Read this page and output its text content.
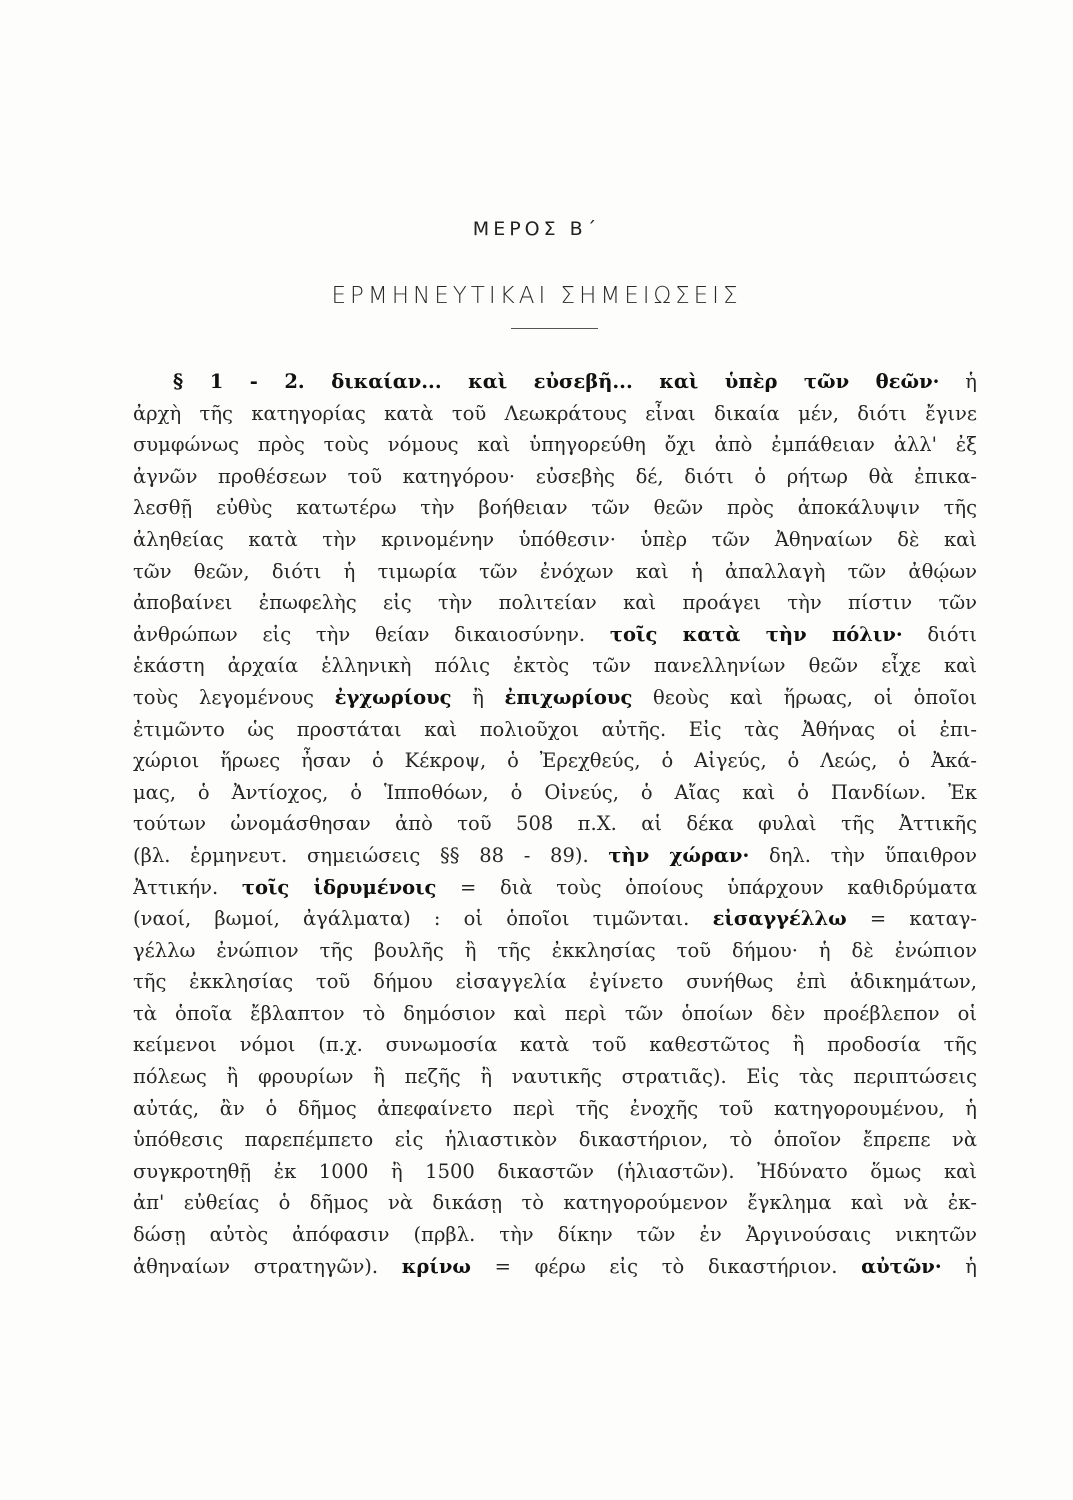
ΜΕΡΟΣ Β΄
ΕΡΜΗΝΕΥΤΙΚΑΙ ΣΗΜΕΙΩΣΕΙΣ
§ 1 - 2. δικαίαν... καὶ εὐσεβῆ... καὶ ὑπὲρ τῶν θεῶν· ἡ
ἀρχὴ τῆς κατηγορίας κατὰ τοῦ Λεωκράτους εἶναι δικαία μέν, διότι ἔγινε
συμφώνως πρὸς τοὺς νόμους καὶ ὑπηγορεύθη ὄχι ἀπὸ ἐμπάθειαν ἀλλ' ἐξ
ἀγνῶν προθέσεων τοῦ κατηγόρου· εὐσεβὴς δέ, διότι ὁ ρήτωρ θὰ ἐπικα-
λεσθῇ εὐθὺς κατωτέρω τὴν βοήθειαν τῶν θεῶν πρὸς ἀποκάλυψιν τῆς
ἀληθείας κατὰ τὴν κρινομένην ὑπόθεσιν· ὑπὲρ τῶν Ἀθηναίων δὲ καὶ
τῶν θεῶν, διότι ἡ τιμωρία τῶν ἐνόχων καὶ ἡ ἀπαλλαγὴ τῶν ἀθῴων
ἀποβαίνει ἐπωφελὴς εἰς τὴν πολιτείαν καὶ προάγει τὴν πίστιν τῶν
ἀνθρώπων εἰς τὴν θείαν δικαιοσύνην. τοῖς κατὰ τὴν πόλιν· διότι
ἑκάστη ἀρχαία ἑλληνικὴ πόλις ἐκτὸς τῶν πανελληνίων θεῶν εἶχε καὶ
τοὺς λεγομένους ἐγχωρίους ἢ ἐπιχωρίους θεοὺς καὶ ἥρωας, οἱ ὁποῖοι
ἐτιμῶντο ὡς προστάται καὶ πολιοῦχοι αὐτῆς. Εἰς τὰς Ἀθήνας οἱ ἐπι-
χώριοι ἥρωες ἦσαν ὁ Κέκροψ, ὁ Ἐρεχθεύς, ὁ Αἰγεύς, ὁ Λεώς, ὁ Ἀκά-
μας, ὁ Ἀντίοχος, ὁ Ἱπποθόων, ὁ Οἰνεύς, ὁ Αἴας καὶ ὁ Πανδίων. Ἐκ
τούτων ὠνομάσθησαν ἀπὸ τοῦ 508 π.Χ. αἱ δέκα φυλαὶ τῆς Ἀττικῆς
(βλ. ἑρμηνευτ. σημειώσεις §§ 88 - 89). τὴν χώραν· δηλ. τὴν ὕπαιθρον
Ἀττικήν. τοῖς ἱδρυμένοις = διὰ τοὺς ὁποίους ὑπάρχουν καθιδρύματα
(ναοί, βωμοί, ἀγάλματα) : οἱ ὁποῖοι τιμῶνται. εἰσαγγέλλω = καταγ-
γέλλω ἐνώπιον τῆς βουλῆς ἢ τῆς ἐκκλησίας τοῦ δήμου· ἡ δὲ ἐνώπιον
τῆς ἐκκλησίας τοῦ δήμου εἰσαγγελία ἐγίνετο συνήθως ἐπὶ ἀδικημάτων,
τὰ ὁποῖα ἔβλαπτον τὸ δημόσιον καὶ περὶ τῶν ὁποίων δὲν προέβλεπον οἱ
κείμενοι νόμοι (π.χ. συνωμοσία κατὰ τοῦ καθεστῶτος ἢ προδοσία τῆς
πόλεως ἢ φρουρίων ἢ πεζῆς ἢ ναυτικῆς στρατιᾶς). Εἰς τὰς περιπτώσεις
αὐτάς, ἂν ὁ δῆμος ἀπεφαίνετο περὶ τῆς ἐνοχῆς τοῦ κατηγορουμένου, ἡ
ὑπόθεσις παρεπέμπετο εἰς ἡλιαστικὸν δικαστήριον, τὸ ὁποῖον ἔπρεπε νὰ
συγκροτηθῇ ἐκ 1000 ἢ 1500 δικαστῶν (ἡλιαστῶν). Ἠδύνατο ὅμως καὶ
ἀπ' εὐθείας ὁ δῆμος νὰ δικάσῃ τὸ κατηγορούμενον ἔγκλημα καὶ νὰ ἐκ-
δώσῃ αὐτὸς ἀπόφασιν (πρβλ. τὴν δίκην τῶν ἐν Ἀργινούσαις νικητῶν
ἀθηναίων στρατηγῶν). κρίνω = φέρω εἰς τὸ δικαστήριον. αὐτῶν· ἡ
